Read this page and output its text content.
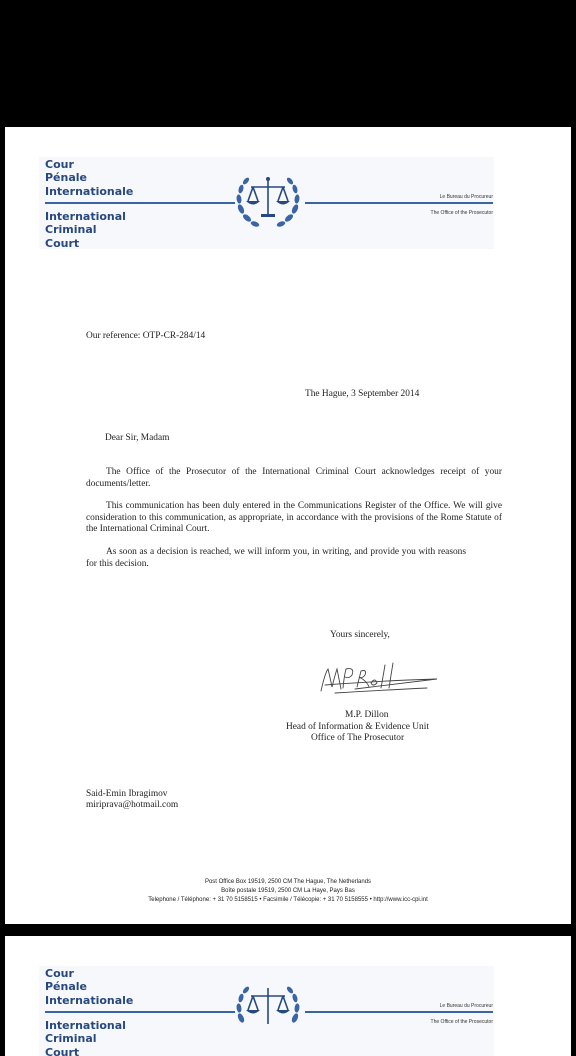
Cour
Pénale
Internationale

International
Criminal
Court

Le Bureau du Procureur
The Office of the Prosecutor
Our reference: OTP-CR-284/14
The Hague, 3 September 2014
Dear Sir, Madam

The Office of the Prosecutor of the International Criminal Court acknowledges receipt of your documents/letter.

This communication has been duly entered in the Communications Register of the Office. We will give consideration to this communication, as appropriate, in accordance with the provisions of the Rome Statute of the International Criminal Court.

As soon as a decision is reached, we will inform you, in writing, and provide you with reasons for this decision.

Yours sincerely,
M.P. Dillon
Head of Information & Evidence Unit
Office of The Prosecutor
Said-Emin Ibragimov
miriprava@hotmail.com
Post Office Box 19519, 2500 CM The Hague, The Netherlands
Boîte postale 19519, 2500 CM La Haye, Pays Bas
Telephone / Téléphone: + 31 70 5158515 • Facsimile / Télécopie: + 31 70 5158555 • http://www.icc-cpi.int

Cour
Pénale
Internationale

International
Criminal
Court

Le Bureau du Procureur
The Office of the Prosecutor
